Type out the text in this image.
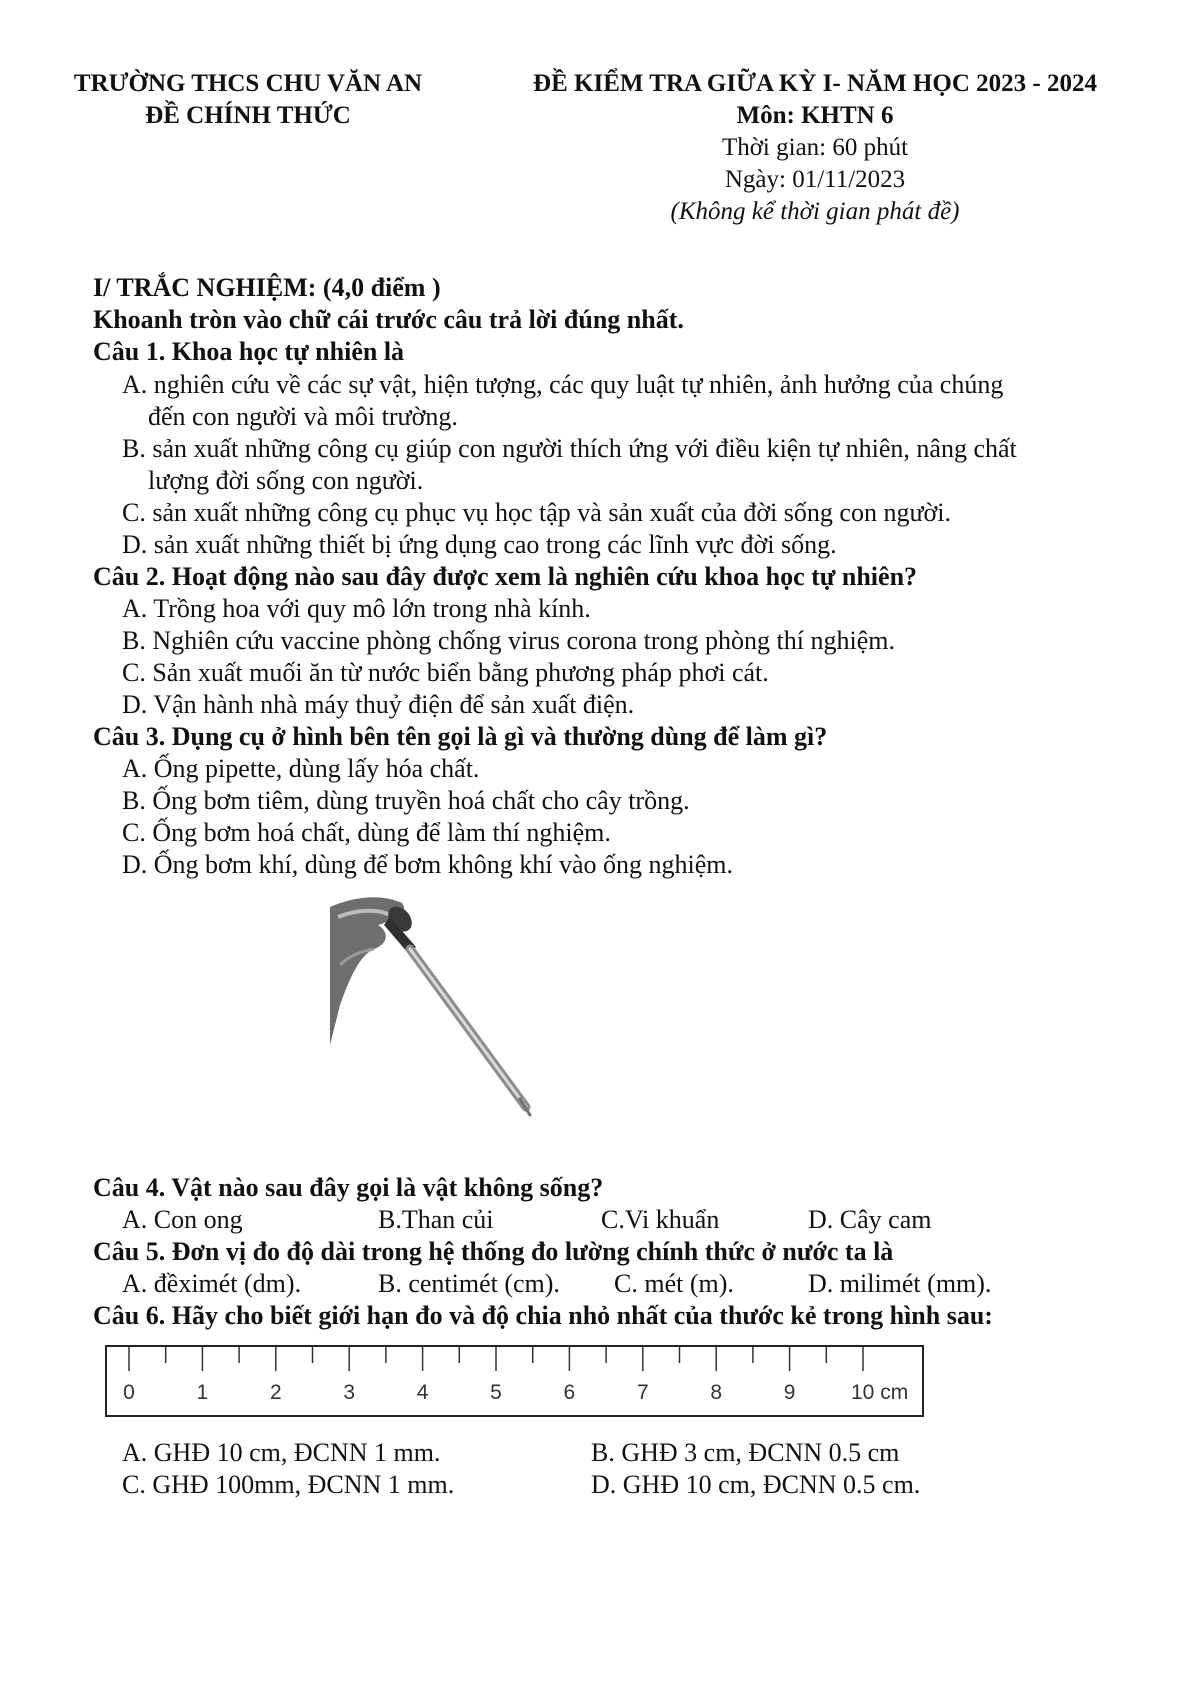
TRƯỜNG THCS CHU VĂN AN
ĐỀ CHÍNH THỨC
ĐỀ KIỂM TRA GIỮA KỲ I- NĂM HỌC 2023 - 2024
Môn: KHTN 6
Thời gian: 60 phút
Ngày: 01/11/2023
(Không kể thời gian phát đề)
I/ TRẮC NGHIỆM: (4,0 điểm )
Khoanh tròn vào chữ cái trước câu trả lời đúng nhất.
Câu 1. Khoa học tự nhiên là
A. nghiên cứu về các sự vật, hiện tượng, các quy luật tự nhiên, ảnh hưởng của chúng
đến con người và môi trường.
B. sản xuất những công cụ giúp con người thích ứng với điều kiện tự nhiên, nâng chất
lượng đời sống con người.
C. sản xuất những công cụ phục vụ học tập và sản xuất của đời sống con người.
D. sản xuất những thiết bị ứng dụng cao trong các lĩnh vực đời sống.
Câu 2. Hoạt động nào sau đây được xem là nghiên cứu khoa học tự nhiên?
A. Trồng hoa với quy mô lớn trong nhà kính.
B. Nghiên cứu vaccine phòng chống virus corona trong phòng thí nghiệm.
C. Sản xuất muối ăn từ nước biển bằng phương pháp phơi cát.
D. Vận hành nhà máy thuỷ điện để sản xuất điện.
Câu 3. Dụng cụ ở hình bên tên gọi là gì và thường dùng để làm gì?
A. Ống pipette, dùng lấy hóa chất.
B. Ống bơm tiêm, dùng truyền hoá chất cho cây trồng.
C. Ống bơm hoá chất, dùng để làm thí nghiệm.
D. Ống bơm khí, dùng để bơm không khí vào ống nghiệm.
Câu 4. Vật nào sau đây gọi là vật không sống?
A. Con ong	B.Than củi	C.Vi khuẩn	D. Cây cam
Câu 5. Đơn vị đo độ dài trong hệ thống đo lường chính thức ở nước ta là
A. đềximét (dm).	B. centimét (cm). C. mét (m).	D. milimét (mm).
Câu 6. Hãy cho biết giới hạn đo và độ chia nhỏ nhất của thước kẻ trong hình sau:
0	1	2	3	4	5	6	7	8	9	10 cm
A. GHĐ 10 cm, ĐCNN 1 mm.	B. GHĐ 3 cm, ĐCNN 0.5 cm
C. GHĐ 100mm, ĐCNN 1 mm.	D. GHĐ 10 cm, ĐCNN 0.5 cm.
